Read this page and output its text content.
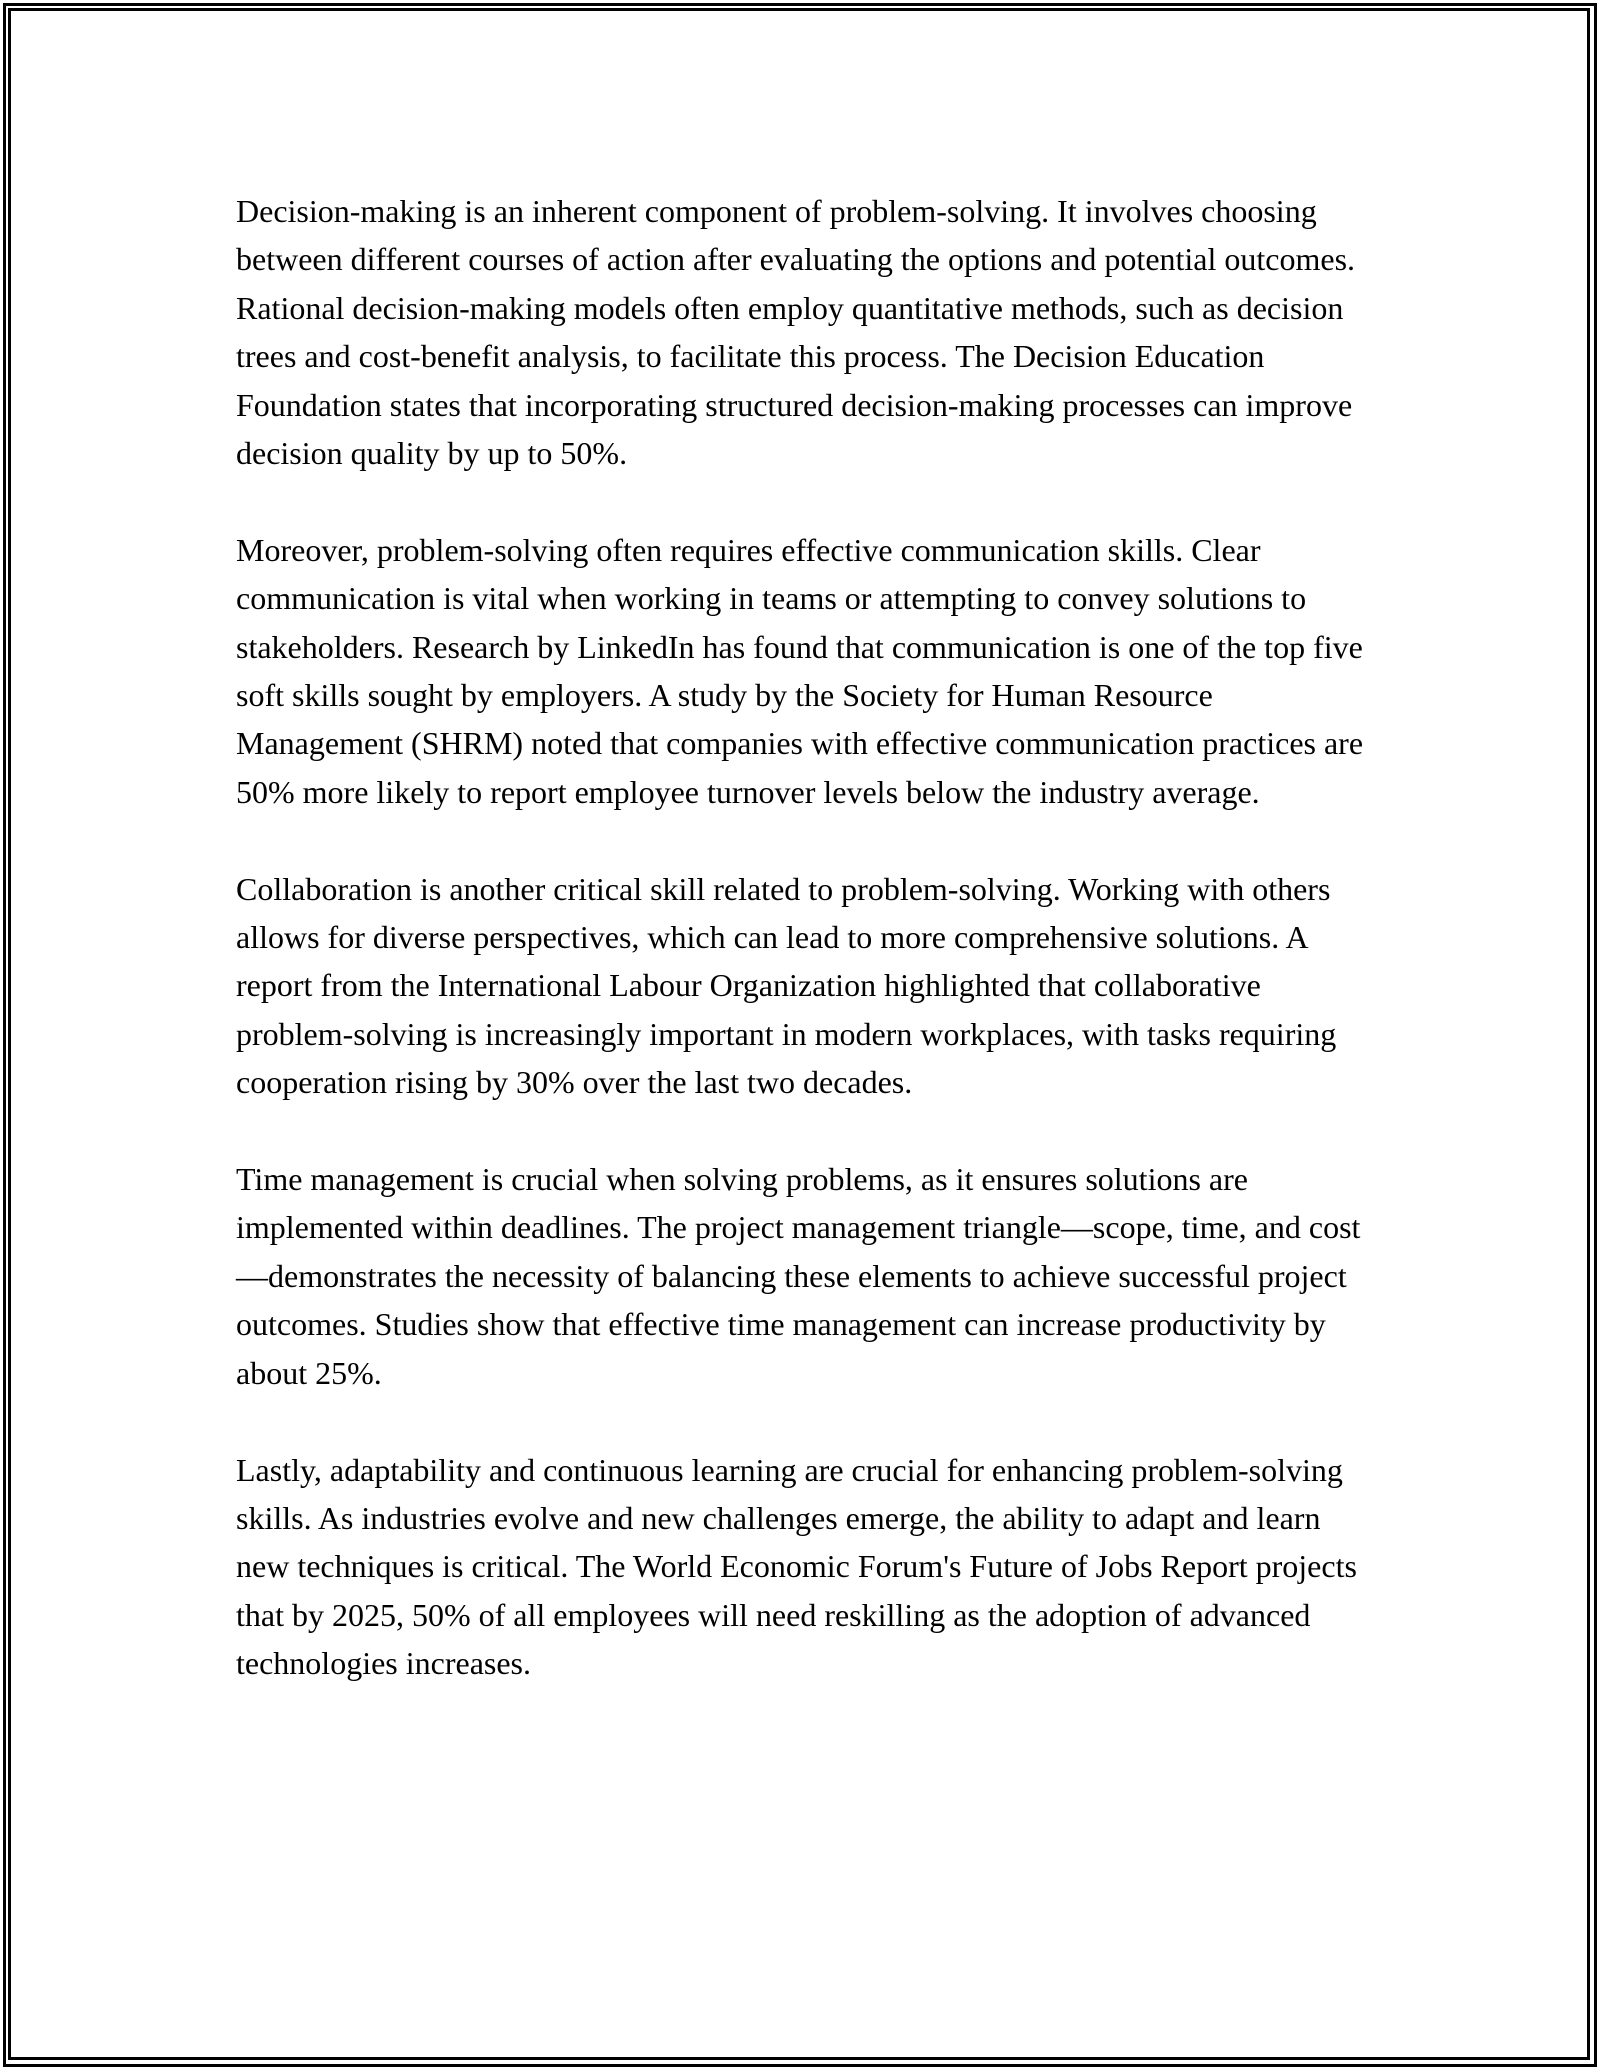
Decision-making is an inherent component of problem-solving. It involves choosing between different courses of action after evaluating the options and potential outcomes. Rational decision-making models often employ quantitative methods, such as decision trees and cost-benefit analysis, to facilitate this process. The Decision Education Foundation states that incorporating structured decision-making processes can improve decision quality by up to 50%.

Moreover, problem-solving often requires effective communication skills. Clear communication is vital when working in teams or attempting to convey solutions to stakeholders. Research by LinkedIn has found that communication is one of the top five soft skills sought by employers. A study by the Society for Human Resource Management (SHRM) noted that companies with effective communication practices are 50% more likely to report employee turnover levels below the industry average.

Collaboration is another critical skill related to problem-solving. Working with others allows for diverse perspectives, which can lead to more comprehensive solutions. A report from the International Labour Organization highlighted that collaborative problem-solving is increasingly important in modern workplaces, with tasks requiring cooperation rising by 30% over the last two decades.

Time management is crucial when solving problems, as it ensures solutions are implemented within deadlines. The project management triangle—scope, time, and cost—demonstrates the necessity of balancing these elements to achieve successful project outcomes. Studies show that effective time management can increase productivity by about 25%.

Lastly, adaptability and continuous learning are crucial for enhancing problem-solving skills. As industries evolve and new challenges emerge, the ability to adapt and learn new techniques is critical. The World Economic Forum's Future of Jobs Report projects that by 2025, 50% of all employees will need reskilling as the adoption of advanced technologies increases.
